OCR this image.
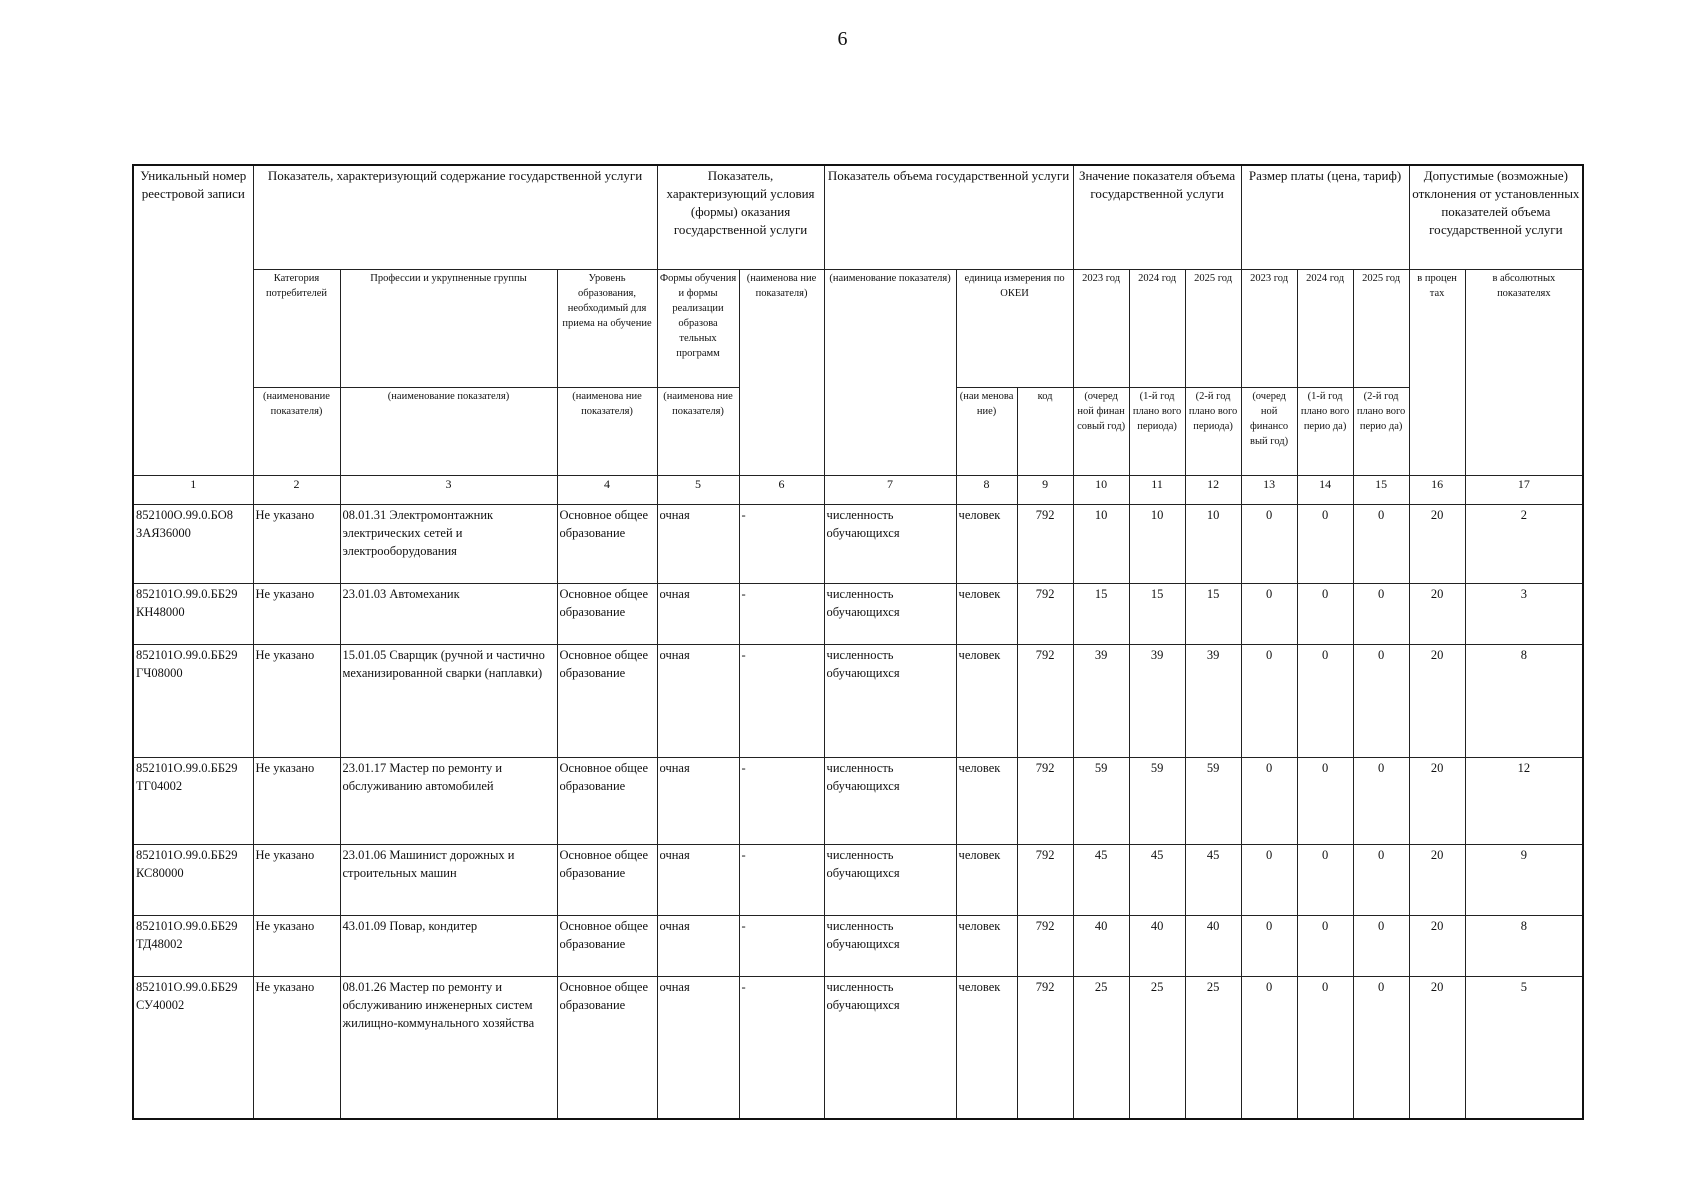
6
Уникальный номер реестровой записи	Показатель, характеризующий содержание государственной услуги			Показатель, характеризующий условия (формы) оказания государственной услуги		Показатель объема государственной услуги			Значение показателя объема государственной услуги			Размер платы (цена, тариф)			Допустимые (возможные) отклонения от установленных показателей объема государственной услуги	
	Категория потребителей	Профессии и укрупненные группы	Уровень образования, необходимый для приема на обучение	Формы обучения и формы реализации образова тельных программ	(наименова ние показателя)	(наименование показателя)	единица измерения по ОКЕИ		2023 год	2024 год	2025 год	2023 год	2024 год	2025 год	в процен тах	в абсолютных показателях
	(наименование показателя)	(наименование показателя)	(наименова ние показателя)	(наименова ние показателя)			(наи менова ние)	код	(очеред ной финан совый год)	(1-й год плано вого периода)	(2-й год плано вого периода)	(очеред ной финансо вый год)	(1-й год плано вого перио да)	(2-й год плано вого перио да)		
1	2	3	4	5	6	7	8	9	10	11	12	13	14	15	16	17
852100О.99.0.БО8 ЗАЯ36000	Не указано	08.01.31 Электромонтажник электрических сетей и электрооборудования	Основное общее образование	очная	-	численность обучающихся	человек	792	10	10	10	0	0	0	20	2
852101О.99.0.ББ29 КН48000	Не указано	23.01.03 Автомеханик	Основное общее образование	очная	-	численность обучающихся	человек	792	15	15	15	0	0	0	20	3
852101О.99.0.ББ29 ГЧ08000	Не указано	15.01.05 Сварщик (ручной и частично механизированной сварки (наплавки)	Основное общее образование	очная	-	численность обучающихся	человек	792	39	39	39	0	0	0	20	8
852101О.99.0.ББ29 ТГ04002	Не указано	23.01.17 Мастер по ремонту и обслуживанию автомобилей	Основное общее образование	очная	-	численность обучающихся	человек	792	59	59	59	0	0	0	20	12
852101О.99.0.ББ29 КС80000	Не указано	23.01.06 Машинист дорожных и строительных машин	Основное общее образование	очная	-	численность обучающихся	человек	792	45	45	45	0	0	0	20	9
852101О.99.0.ББ29 ТД48002	Не указано	43.01.09 Повар, кондитер	Основное общее образование	очная	-	численность обучающихся	человек	792	40	40	40	0	0	0	20	8
852101О.99.0.ББ29 СУ40002	Не указано	08.01.26 Мастер по ремонту и обслуживанию инженерных систем жилищно-коммунального хозяйства	Основное общее образование	очная	-	численность обучающихся	человек	792	25	25	25	0	0	0	20	5
